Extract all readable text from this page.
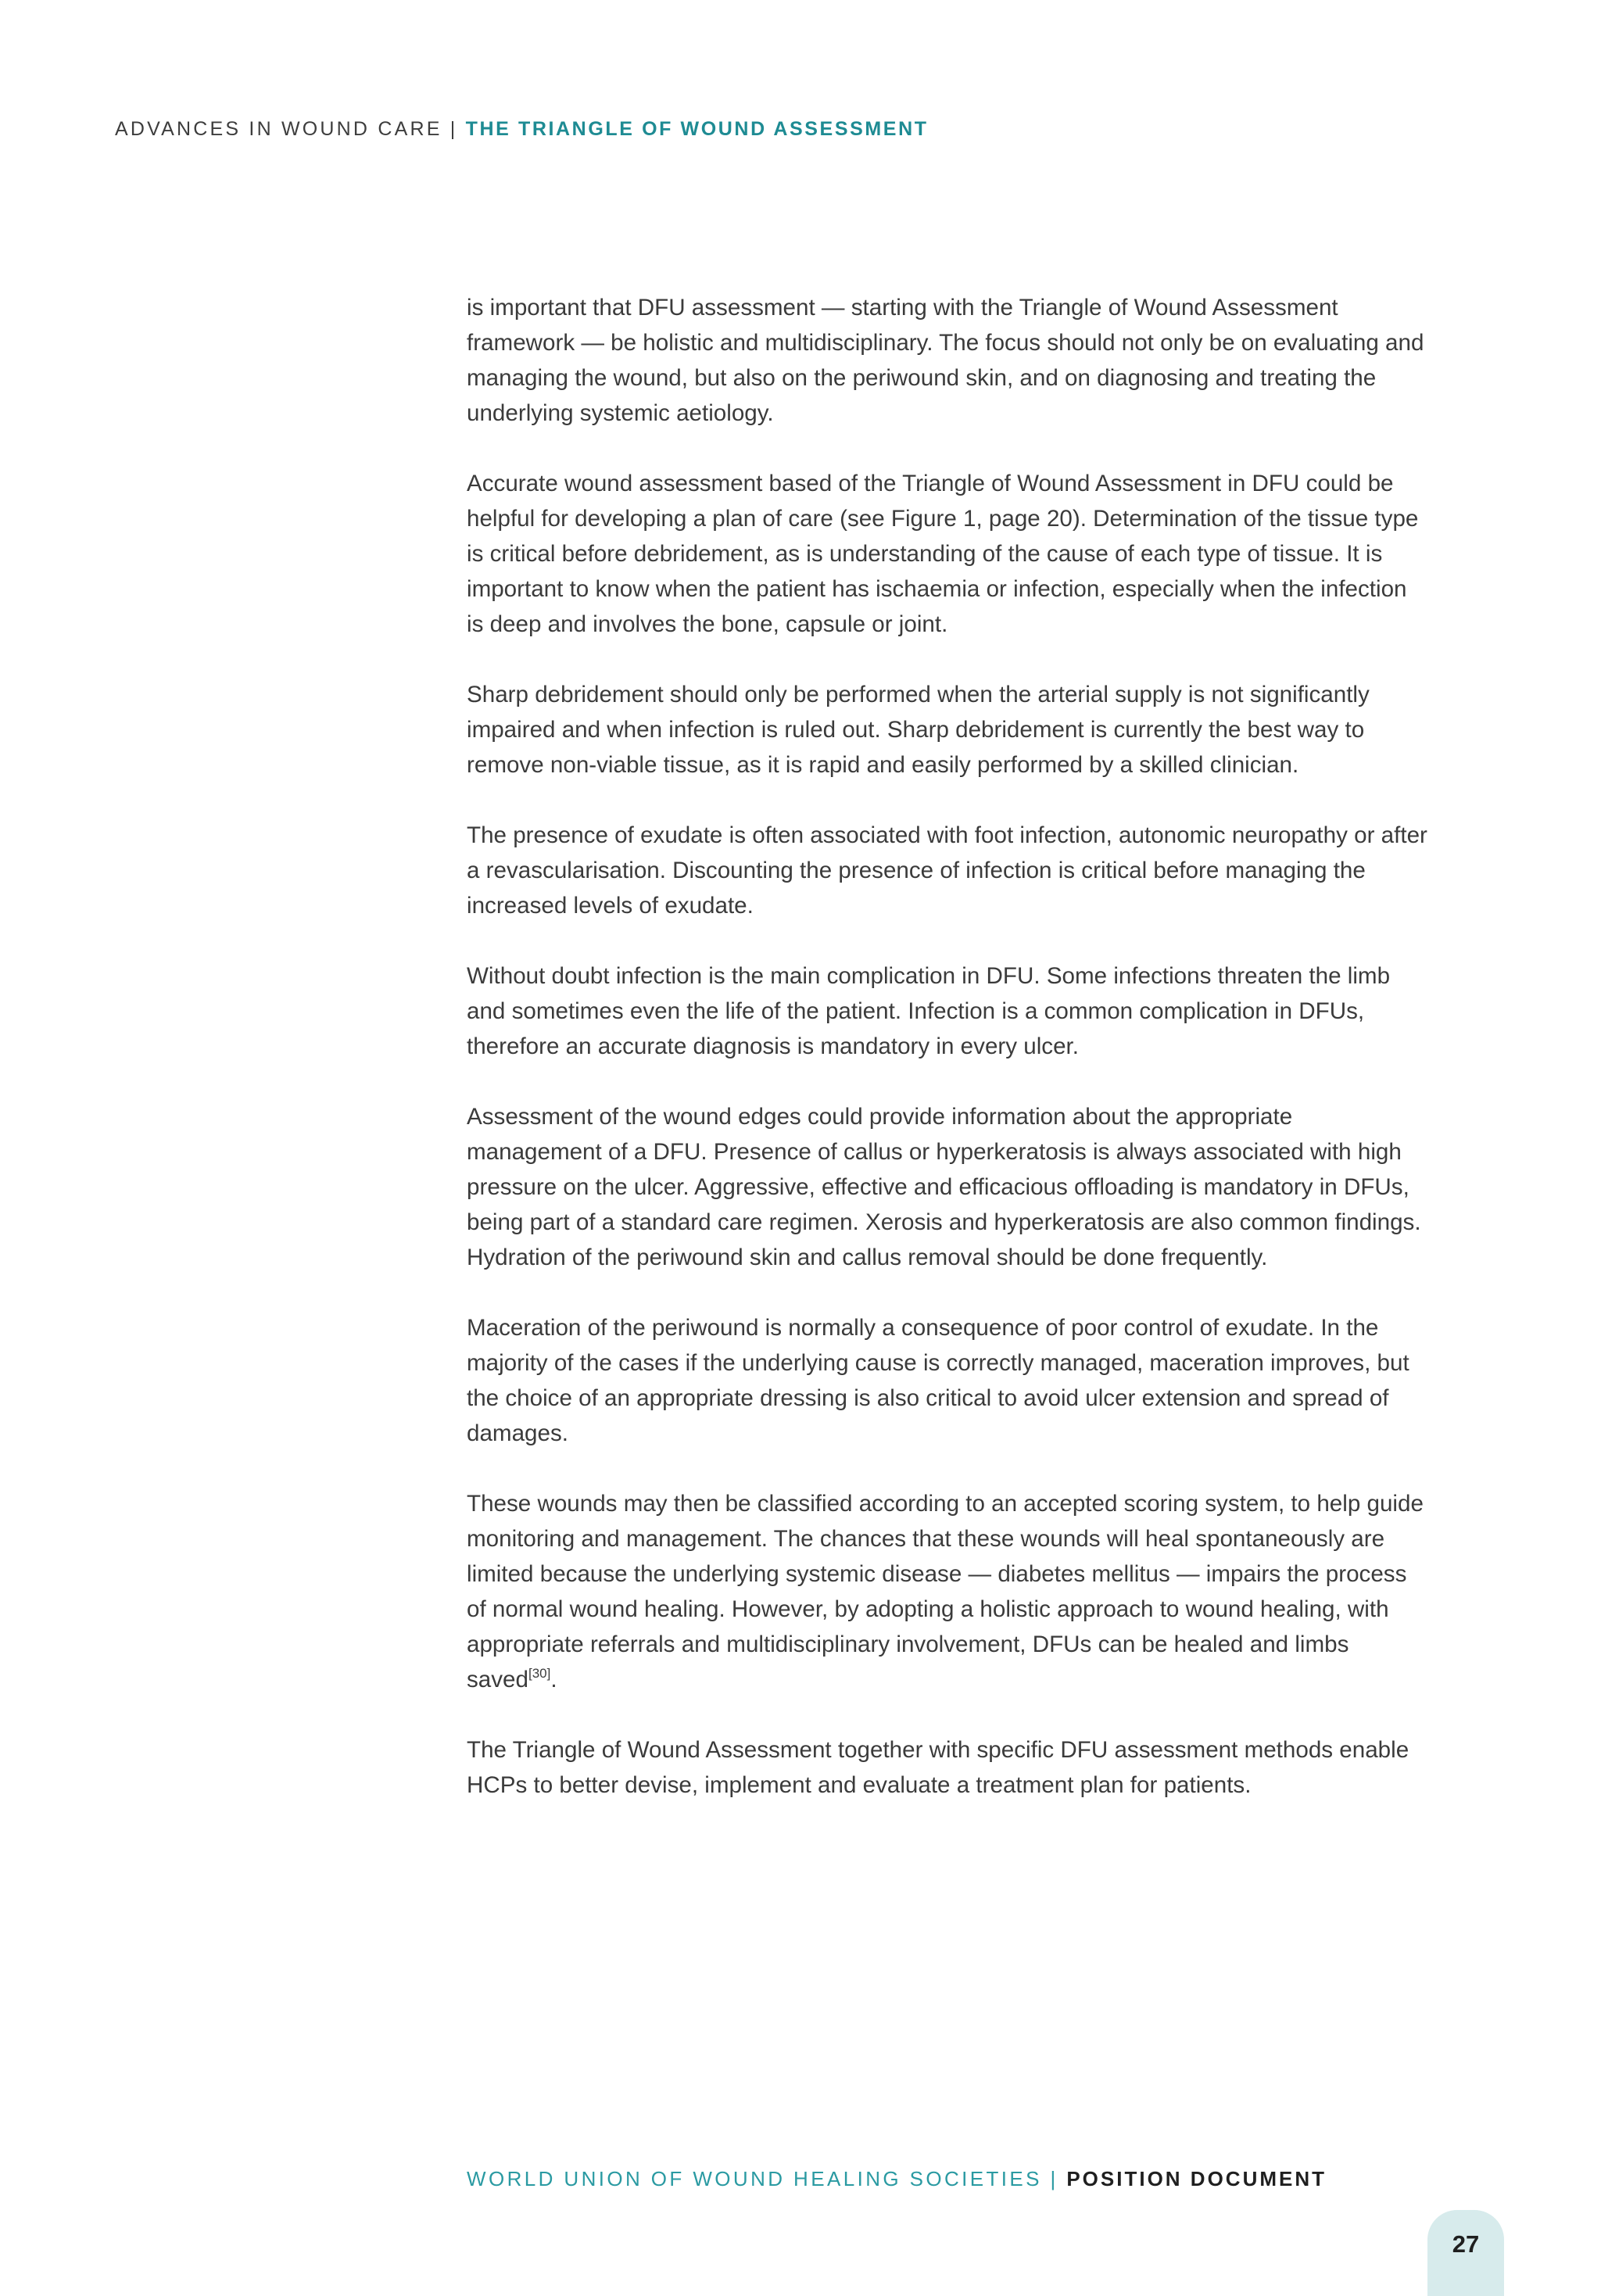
ADVANCES IN WOUND CARE | THE TRIANGLE OF WOUND ASSESSMENT

is important that DFU assessment — starting with the Triangle of Wound Assessment framework — be holistic and multidisciplinary. The focus should not only be on evaluating and managing the wound, but also on the periwound skin, and on diagnosing and treating the underlying systemic aetiology.

Accurate wound assessment based of the Triangle of Wound Assessment in DFU could be helpful for developing a plan of care (see Figure 1, page 20). Determination of the tissue type is critical before debridement, as is understanding of the cause of each type of tissue. It is important to know when the patient has ischaemia or infection, especially when the infection is deep and involves the bone, capsule or joint.

Sharp debridement should only be performed when the arterial supply is not significantly impaired and when infection is ruled out. Sharp debridement is currently the best way to remove non-viable tissue, as it is rapid and easily performed by a skilled clinician.

The presence of exudate is often associated with foot infection, autonomic neuropathy or after a revascularisation. Discounting the presence of infection is critical before managing the increased levels of exudate.

Without doubt infection is the main complication in DFU. Some infections threaten the limb and sometimes even the life of the patient. Infection is a common complication in DFUs, therefore an accurate diagnosis is mandatory in every ulcer.

Assessment of the wound edges could provide information about the appropriate management of a DFU. Presence of callus or hyperkeratosis is always associated with high pressure on the ulcer. Aggressive, effective and efficacious offloading is mandatory in DFUs, being part of a standard care regimen. Xerosis and hyperkeratosis are also common findings. Hydration of the periwound skin and callus removal should be done frequently.

Maceration of the periwound is normally a consequence of poor control of exudate. In the majority of the cases if the underlying cause is correctly managed, maceration improves, but the choice of an appropriate dressing is also critical to avoid ulcer extension and spread of damages.

These wounds may then be classified according to an accepted scoring system, to help guide monitoring and management. The chances that these wounds will heal spontaneously are limited because the underlying systemic disease — diabetes mellitus — impairs the process of normal wound healing. However, by adopting a holistic approach to wound healing, with appropriate referrals and multidisciplinary involvement, DFUs can be healed and limbs saved[30].

The Triangle of Wound Assessment together with specific DFU assessment methods enable HCPs to better devise, implement and evaluate a treatment plan for patients.

WORLD UNION OF WOUND HEALING SOCIETIES | POSITION DOCUMENT
27
